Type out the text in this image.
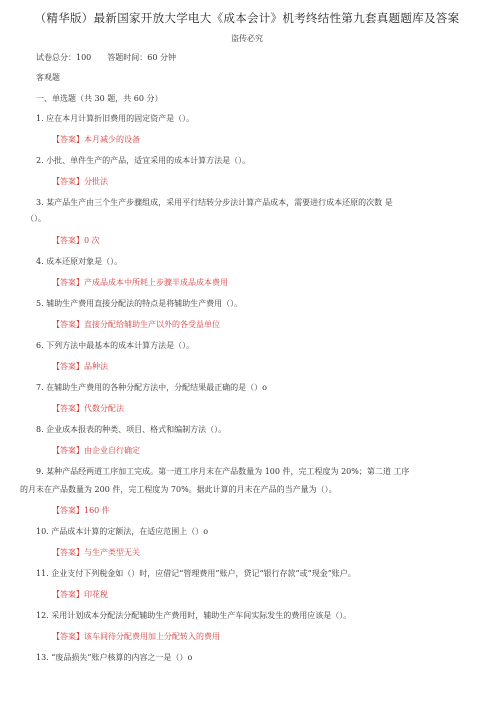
（精华版）最新国家开放大学电大《成本会计》机考终结性第九套真题题库及答案
盗传必究
试卷总分：100　　答题时间：60 分钟
客观题
一、单选题（共 30 题，共 60 分）
1. 应在本月计算折旧费用的固定资产是（）。
【答案】本月减少的设备
2. 小批、单件生产的产品，适宜采用的成本计算方法是（）。
【答案】分批法
3. 某产品生产由三个生产步骤组成，采用平行结转分步法计算产品成本，需要进行成本还原的次数 是
（）。
【答案】0 次
4. 成本还原对象是（）。
【答案】产成品成本中所耗上步骤半成品成本费用
5. 辅助生产费用直接分配法的特点是将辅助生产费用（）。
【答案】直接分配给辅助生产以外的各受益单位
6. 下列方法中最基本的成本计算方法是（）。
【答案】品种法
7. 在辅助生产费用的各种分配方法中，分配结果最正确的是（）o
【答案】代数分配法
8. 企业成本报表的种类、项目、格式和编制方法（）。
【答案】由企业自行确定
9. 某种产品经两道工序加工完成。第一道工序月末在产品数量为 100 件，完工程度为 20%；第二道 工序
的月末在产品数量为 200 件，完工程度为 70%。据此计算的月末在产品的当产量为（）。
【答案】160 件
10. 产品成本计算的定额法，在适应范围上（）o
【答案】与生产类型无关
11. 企业支付下列税金如（）时，应借记“管理费用”账户，贷记“银行存款”或“现金”账户。
【答案】印花税
12. 采用计划成本分配法分配辅助生产费用时，辅助生产车间实际发生的费用应该是（）。
【答案】该车间待分配费用加上分配转入的费用
13. “废品损失”账户核算的内容之一是（）o
